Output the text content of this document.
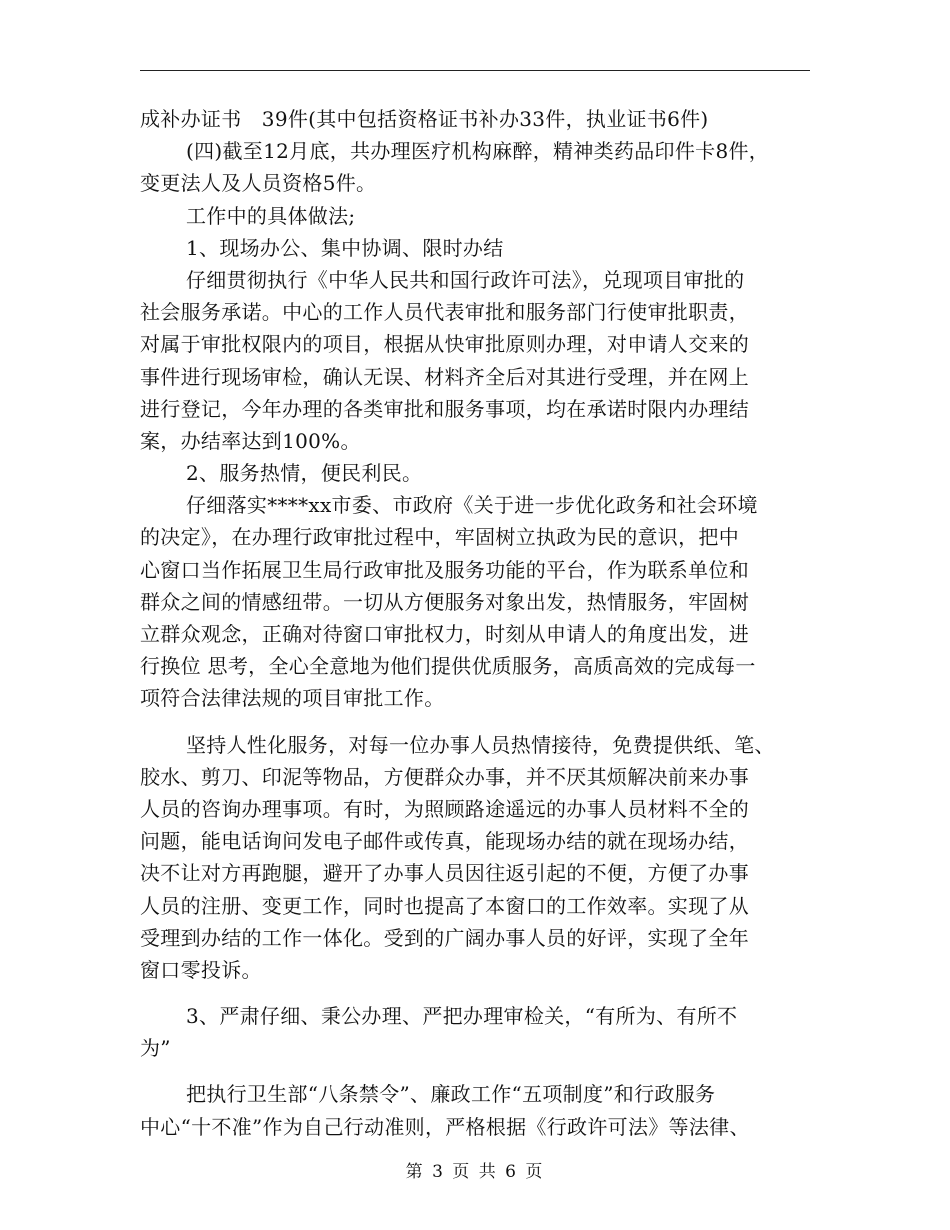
成补办证书　39件(其中包括资格证书补办33件，执业证书6件)
(四)截至12月底，共办理医疗机构麻醉，精神类药品印件卡8件，
变更法人及人员资格5件。
工作中的具体做法;
1、现场办公、集中协调、限时办结
仔细贯彻执行《中华人民共和国行政许可法》，兑现项目审批的
社会服务承诺。中心的工作人员代表审批和服务部门行使审批职责，
对属于审批权限内的项目，根据从快审批原则办理，对申请人交来的
事件进行现场审检，确认无误、材料齐全后对其进行受理，并在网上
进行登记，今年办理的各类审批和服务事项，均在承诺时限内办理结
案，办结率达到100%。
2、服务热情，便民利民。
仔细落实****xx市委、市政府《关于进一步优化政务和社会环境
的决定》，在办理行政审批过程中，牢固树立执政为民的意识，把中
心窗口当作拓展卫生局行政审批及服务功能的平台，作为联系单位和
群众之间的情感纽带。一切从方便服务对象出发，热情服务，牢固树
立群众观念，正确对待窗口审批权力，时刻从申请人的角度出发，进
行换位 思考，全心全意地为他们提供优质服务，高质高效的完成每一
项符合法律法规的项目审批工作。
坚持人性化服务，对每一位办事人员热情接待，免费提供纸、笔、
胶水、剪刀、印泥等物品，方便群众办事，并不厌其烦解决前来办事
人员的咨询办理事项。有时，为照顾路途遥远的办事人员材料不全的
问题，能电话询问发电子邮件或传真，能现场办结的就在现场办结，
决不让对方再跑腿，避开了办事人员因往返引起的不便，方便了办事
人员的注册、变更工作，同时也提高了本窗口的工作效率。实现了从
受理到办结的工作一体化。受到的广阔办事人员的好评，实现了全年
窗口零投诉。
3、严肃仔细、秉公办理、严把办理审检关，“有所为、有所不
为”
把执行卫生部“八条禁令”、廉政工作“五项制度”和行政服务
中心“十不准”作为自己行动准则，严格根据《行政许可法》等法律、
第 3 页 共 6 页
